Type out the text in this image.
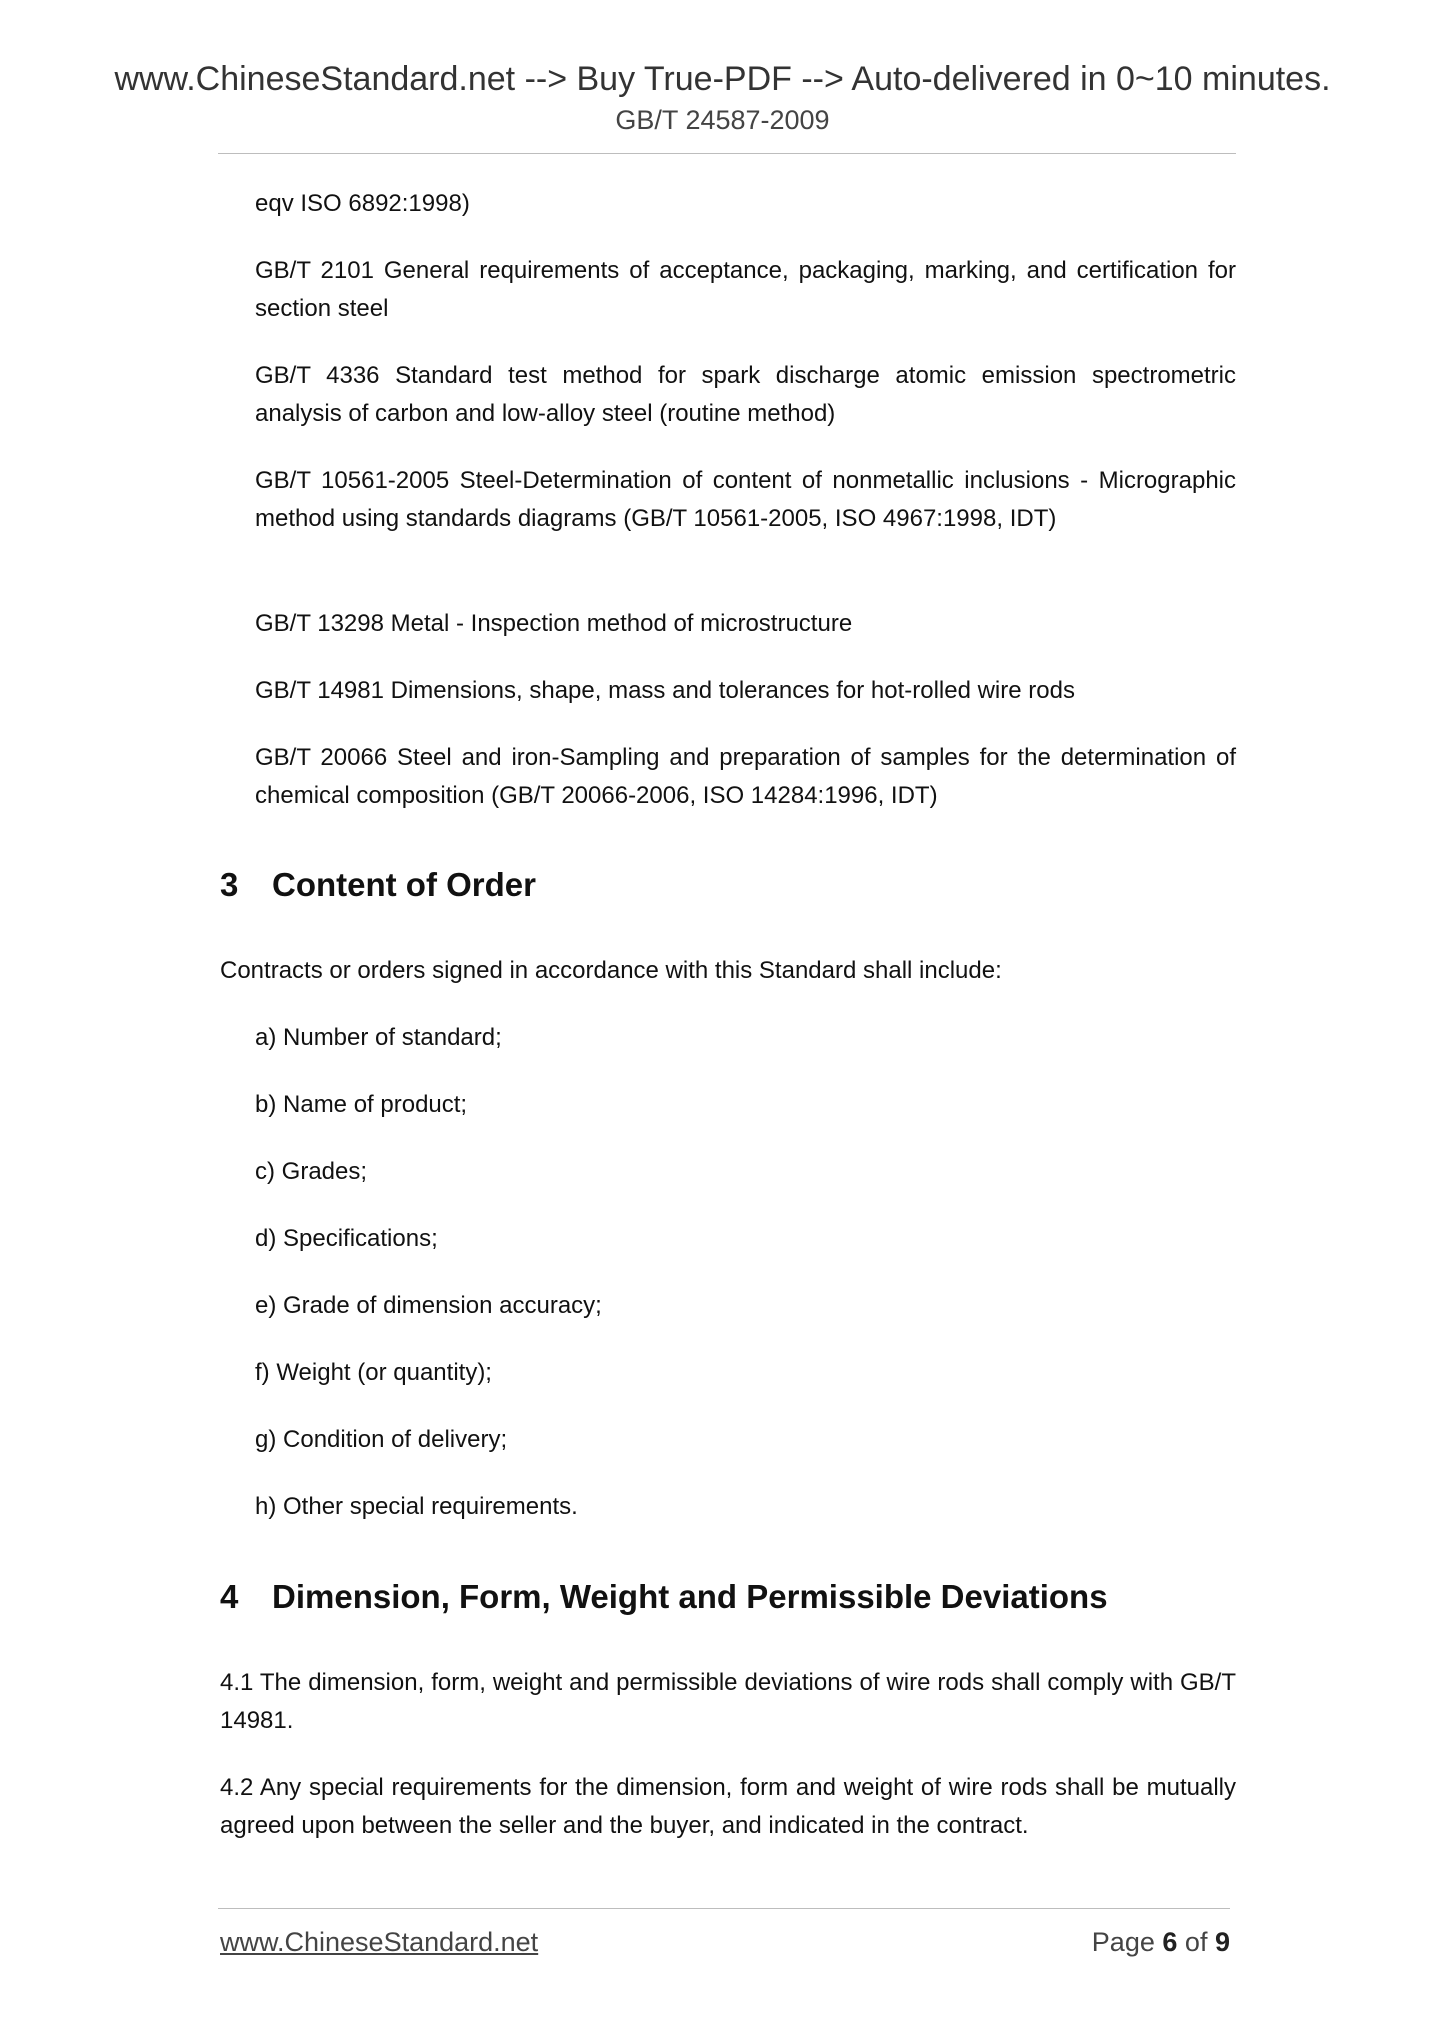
www.ChineseStandard.net --> Buy True-PDF --> Auto-delivered in 0~10 minutes.
GB/T 24587-2009

eqv ISO 6892:1998)

GB/T 2101 General requirements of acceptance, packaging, marking, and certification for section steel

GB/T 4336 Standard test method for spark discharge atomic emission spectrometric analysis of carbon and low-alloy steel (routine method)

GB/T 10561-2005 Steel-Determination of content of nonmetallic inclusions - Micrographic method using standards diagrams (GB/T 10561-2005, ISO 4967:1998, IDT)

GB/T 13298 Metal - Inspection method of microstructure

GB/T 14981 Dimensions, shape, mass and tolerances for hot-rolled wire rods

GB/T 20066 Steel and iron-Sampling and preparation of samples for the determination of chemical composition (GB/T 20066-2006, ISO 14284:1996, IDT)

3 Content of Order

Contracts or orders signed in accordance with this Standard shall include:

a) Number of standard;

b) Name of product;

c) Grades;

d) Specifications;

e) Grade of dimension accuracy;

f) Weight (or quantity);

g) Condition of delivery;

h) Other special requirements.

4 Dimension, Form, Weight and Permissible Deviations

4.1 The dimension, form, weight and permissible deviations of wire rods shall comply with GB/T 14981.

4.2 Any special requirements for the dimension, form and weight of wire rods shall be mutually agreed upon between the seller and the buyer, and indicated in the contract.

www.ChineseStandard.net	Page 6 of 9
